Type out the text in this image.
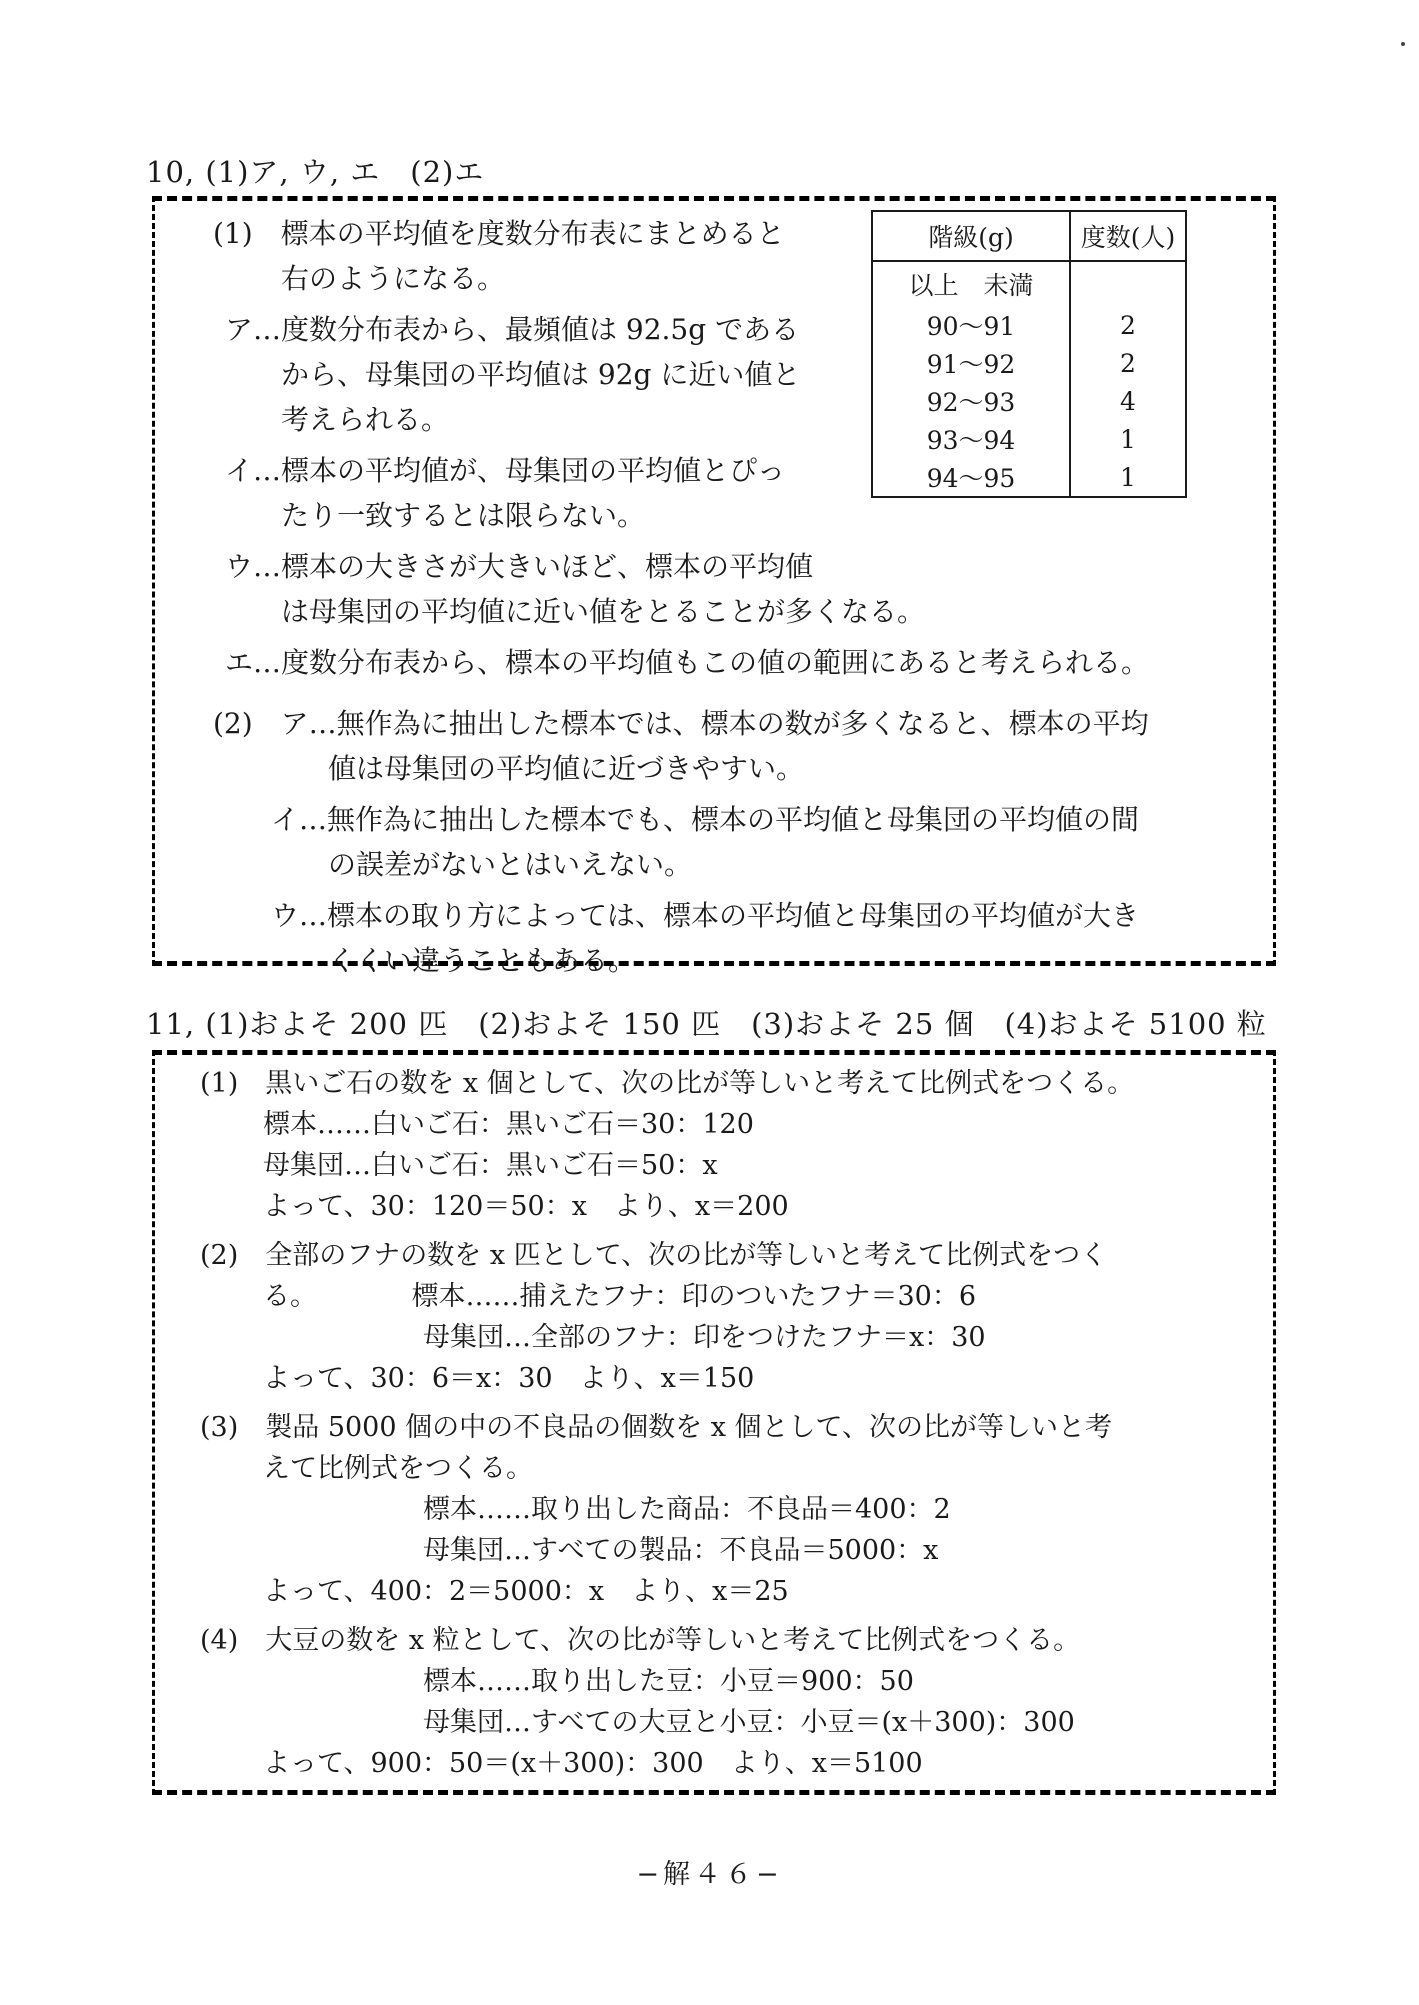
10, (1)ア, ウ, エ　(2)エ
階級(g)	度数(人)
以上　未満	
90〜91	2
91〜92	2
92〜93	4
93〜94	1
94〜95	1
(1)　標本の平均値を度数分布表にまとめると
右のようになる。
ア…度数分布表から、最頻値は 92.5g である
から、母集団の平均値は 92g に近い値と
考えられる。
イ…標本の平均値が、母集団の平均値とぴっ
たり一致するとは限らない。
ウ…標本の大きさが大きいほど、標本の平均値
は母集団の平均値に近い値をとることが多くなる。
エ…度数分布表から、標本の平均値もこの値の範囲にあると考えられる。
(2)　ア…無作為に抽出した標本では、標本の数が多くなると、標本の平均
値は母集団の平均値に近づきやすい。
イ…無作為に抽出した標本でも、標本の平均値と母集団の平均値の間
の誤差がないとはいえない。
ウ…標本の取り方によっては、標本の平均値と母集団の平均値が大き
くくい違うこともある。
11, (1)およそ 200 匹　(2)およそ 150 匹　(3)およそ 25 個　(4)およそ 5100 粒
(1)　黒いご石の数を x 個として、次の比が等しいと考えて比例式をつくる。
標本……白いご石：黒いご石＝30：120
母集団…白いご石：黒いご石＝50：x
よって、30：120＝50：x　より、x＝200
(2)　全部のフナの数を x 匹として、次の比が等しいと考えて比例式をつく
る。　　　　標本……捕えたフナ：印のついたフナ＝30：6
母集団…全部のフナ：印をつけたフナ＝x：30
よって、30：6＝x：30　より、x＝150
(3)　製品 5000 個の中の不良品の個数を x 個として、次の比が等しいと考
えて比例式をつくる。
標本……取り出した商品：不良品＝400：2
母集団…すべての製品：不良品＝5000：x
よって、400：2＝5000：x　より、x＝25
(4)　大豆の数を x 粒として、次の比が等しいと考えて比例式をつくる。
標本……取り出した豆：小豆＝900：50
母集団…すべての大豆と小豆：小豆＝(x＋300)：300
よって、900：50＝(x＋300)：300　より、x＝5100
−解４６−
